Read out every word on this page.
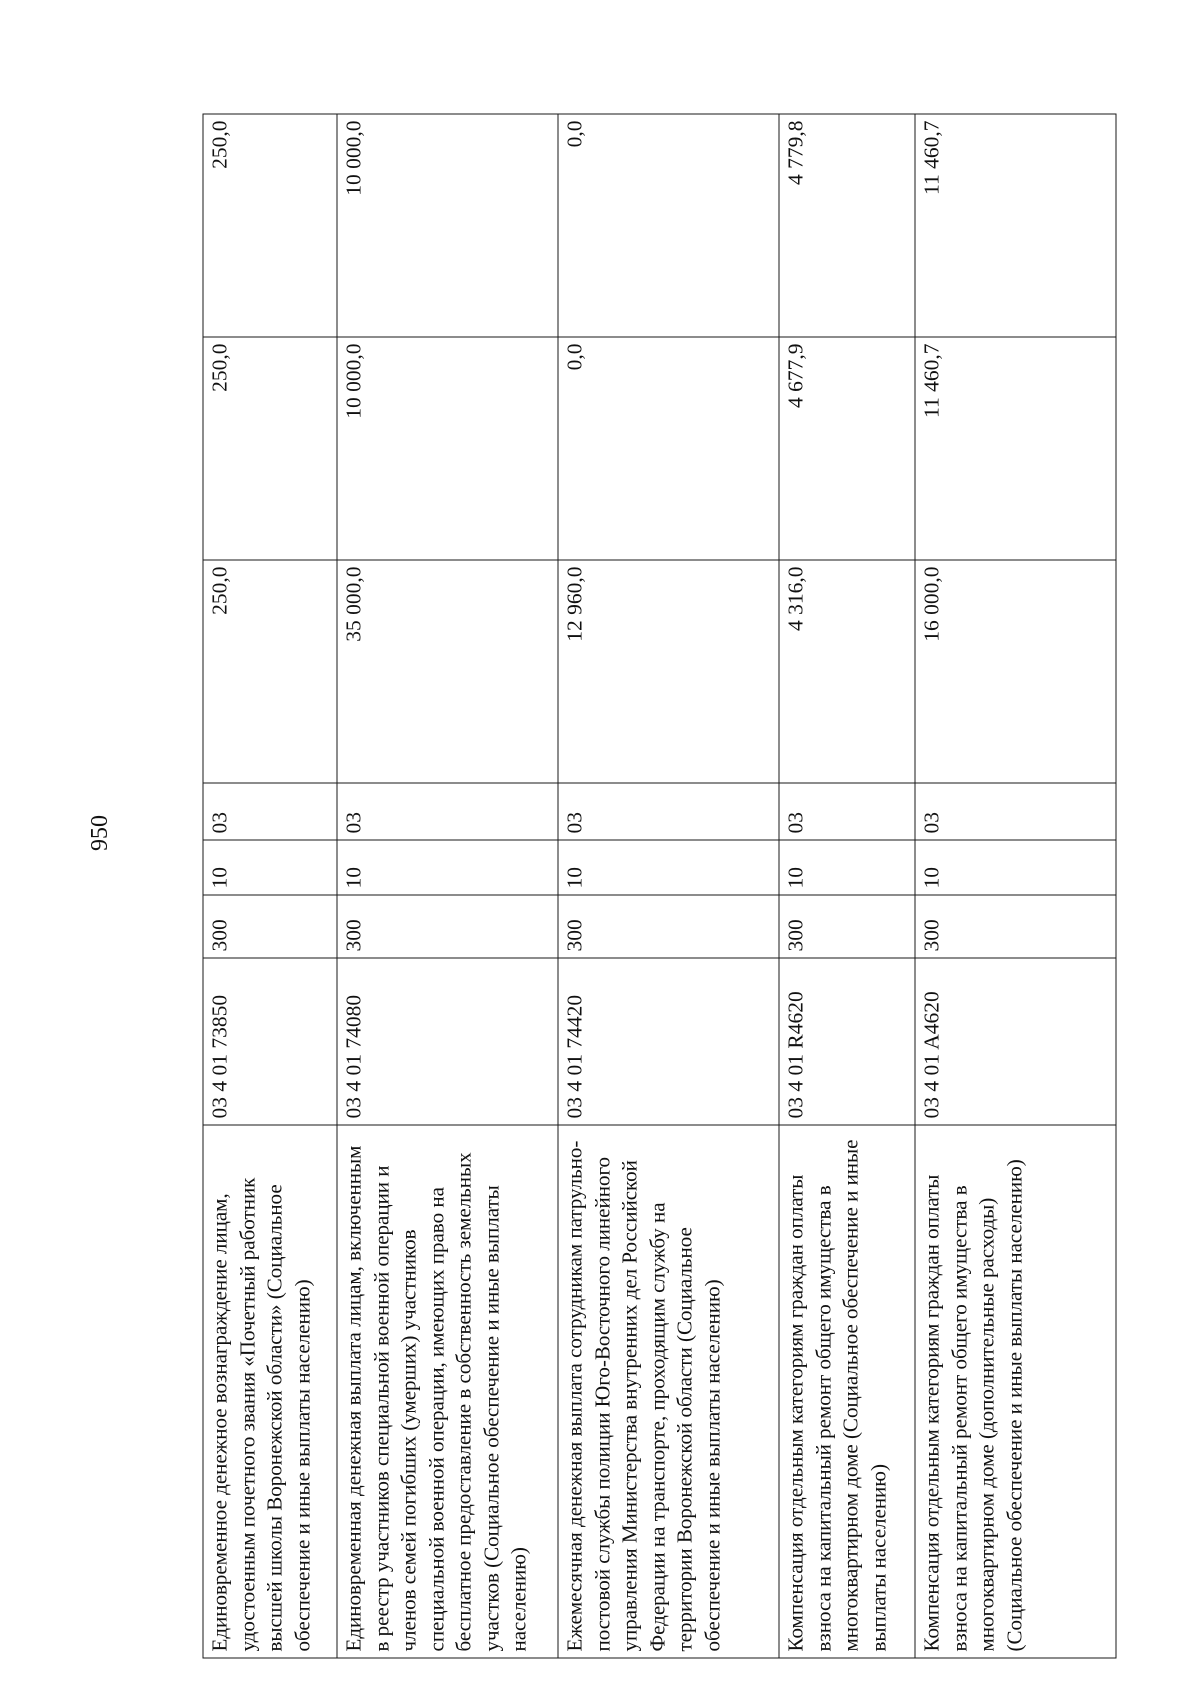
950
Единовременное денежное вознаграждение лицам, удостоенным почетного звания «Почетный работник высшей школы Воронежской области» (Социальное обеспечение и иные выплаты населению)	03 4 01 73850	300	10	03	250,0	250,0	250,0
Единовременная денежная выплата лицам, включенным в реестр участников специальной военной операции и членов семей погибших (умерших) участников специальной военной операции, имеющих право на бесплатное предоставление в собственность земельных участков (Социальное обеспечение и иные выплаты населению)	03 4 01 74080	300	10	03	35 000,0	10 000,0	10 000,0
Ежемесячная денежная выплата сотрудникам патрульно-постовой службы полиции Юго-Восточного линейного управления Министерства внутренних дел Российской Федерации на транспорте, проходящим службу на территории Воронежской области (Социальное обеспечение и иные выплаты населению)	03 4 01 74420	300	10	03	12 960,0	0,0	0,0
Компенсация отдельным категориям граждан оплаты взноса на капитальный ремонт общего имущества в многоквартирном доме (Социальное обеспечение и иные выплаты населению)	03 4 01 R4620	300	10	03	4 316,0	4 677,9	4 779,8
Компенсация отдельным категориям граждан оплаты взноса на капитальный ремонт общего имущества в многоквартирном доме (дополнительные расходы) (Социальное обеспечение и иные выплаты населению)	03 4 01 A4620	300	10	03	16 000,0	11 460,7	11 460,7
